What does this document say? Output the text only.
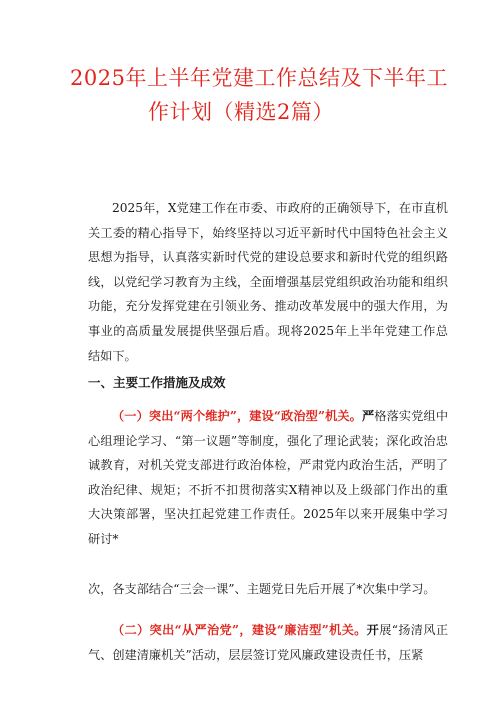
2025年上半年党建工作总结及下半年工
作计划（精选2篇）

2025年，X党建工作在市委、市政府的正确领导下，在市直机关工委的精心指导下，始终坚持以习近平新时代中国特色社会主义思想为指导，认真落实新时代党的建设总要求和新时代党的组织路线，以党纪学习教育为主线，全面增强基层党组织政治功能和组织功能，充分发挥党建在引领业务、推动改革发展中的强大作用，为事业的高质量发展提供坚强后盾。现将2025年上半年党建工作总结如下。

一、主要工作措施及成效

（一）突出“两个维护”，建设“政治型”机关。严格落实党组中心组理论学习、“第一议题”等制度，强化了理论武装；深化政治忠诚教育，对机关党支部进行政治体检，严肃党内政治生活，严明了政治纪律、规矩；不折不扣贯彻落实X精神以及上级部门作出的重大决策部署，坚决扛起党建工作责任。2025年以来开展集中学习研讨*

次，各支部结合“三会一课”、主题党日先后开展了*次集中学习。

（二）突出“从严治党”，建设“廉洁型”机关。开展“扬清风正气、创建清廉机关”活动，层层签订党风廉政建设责任书，压紧
